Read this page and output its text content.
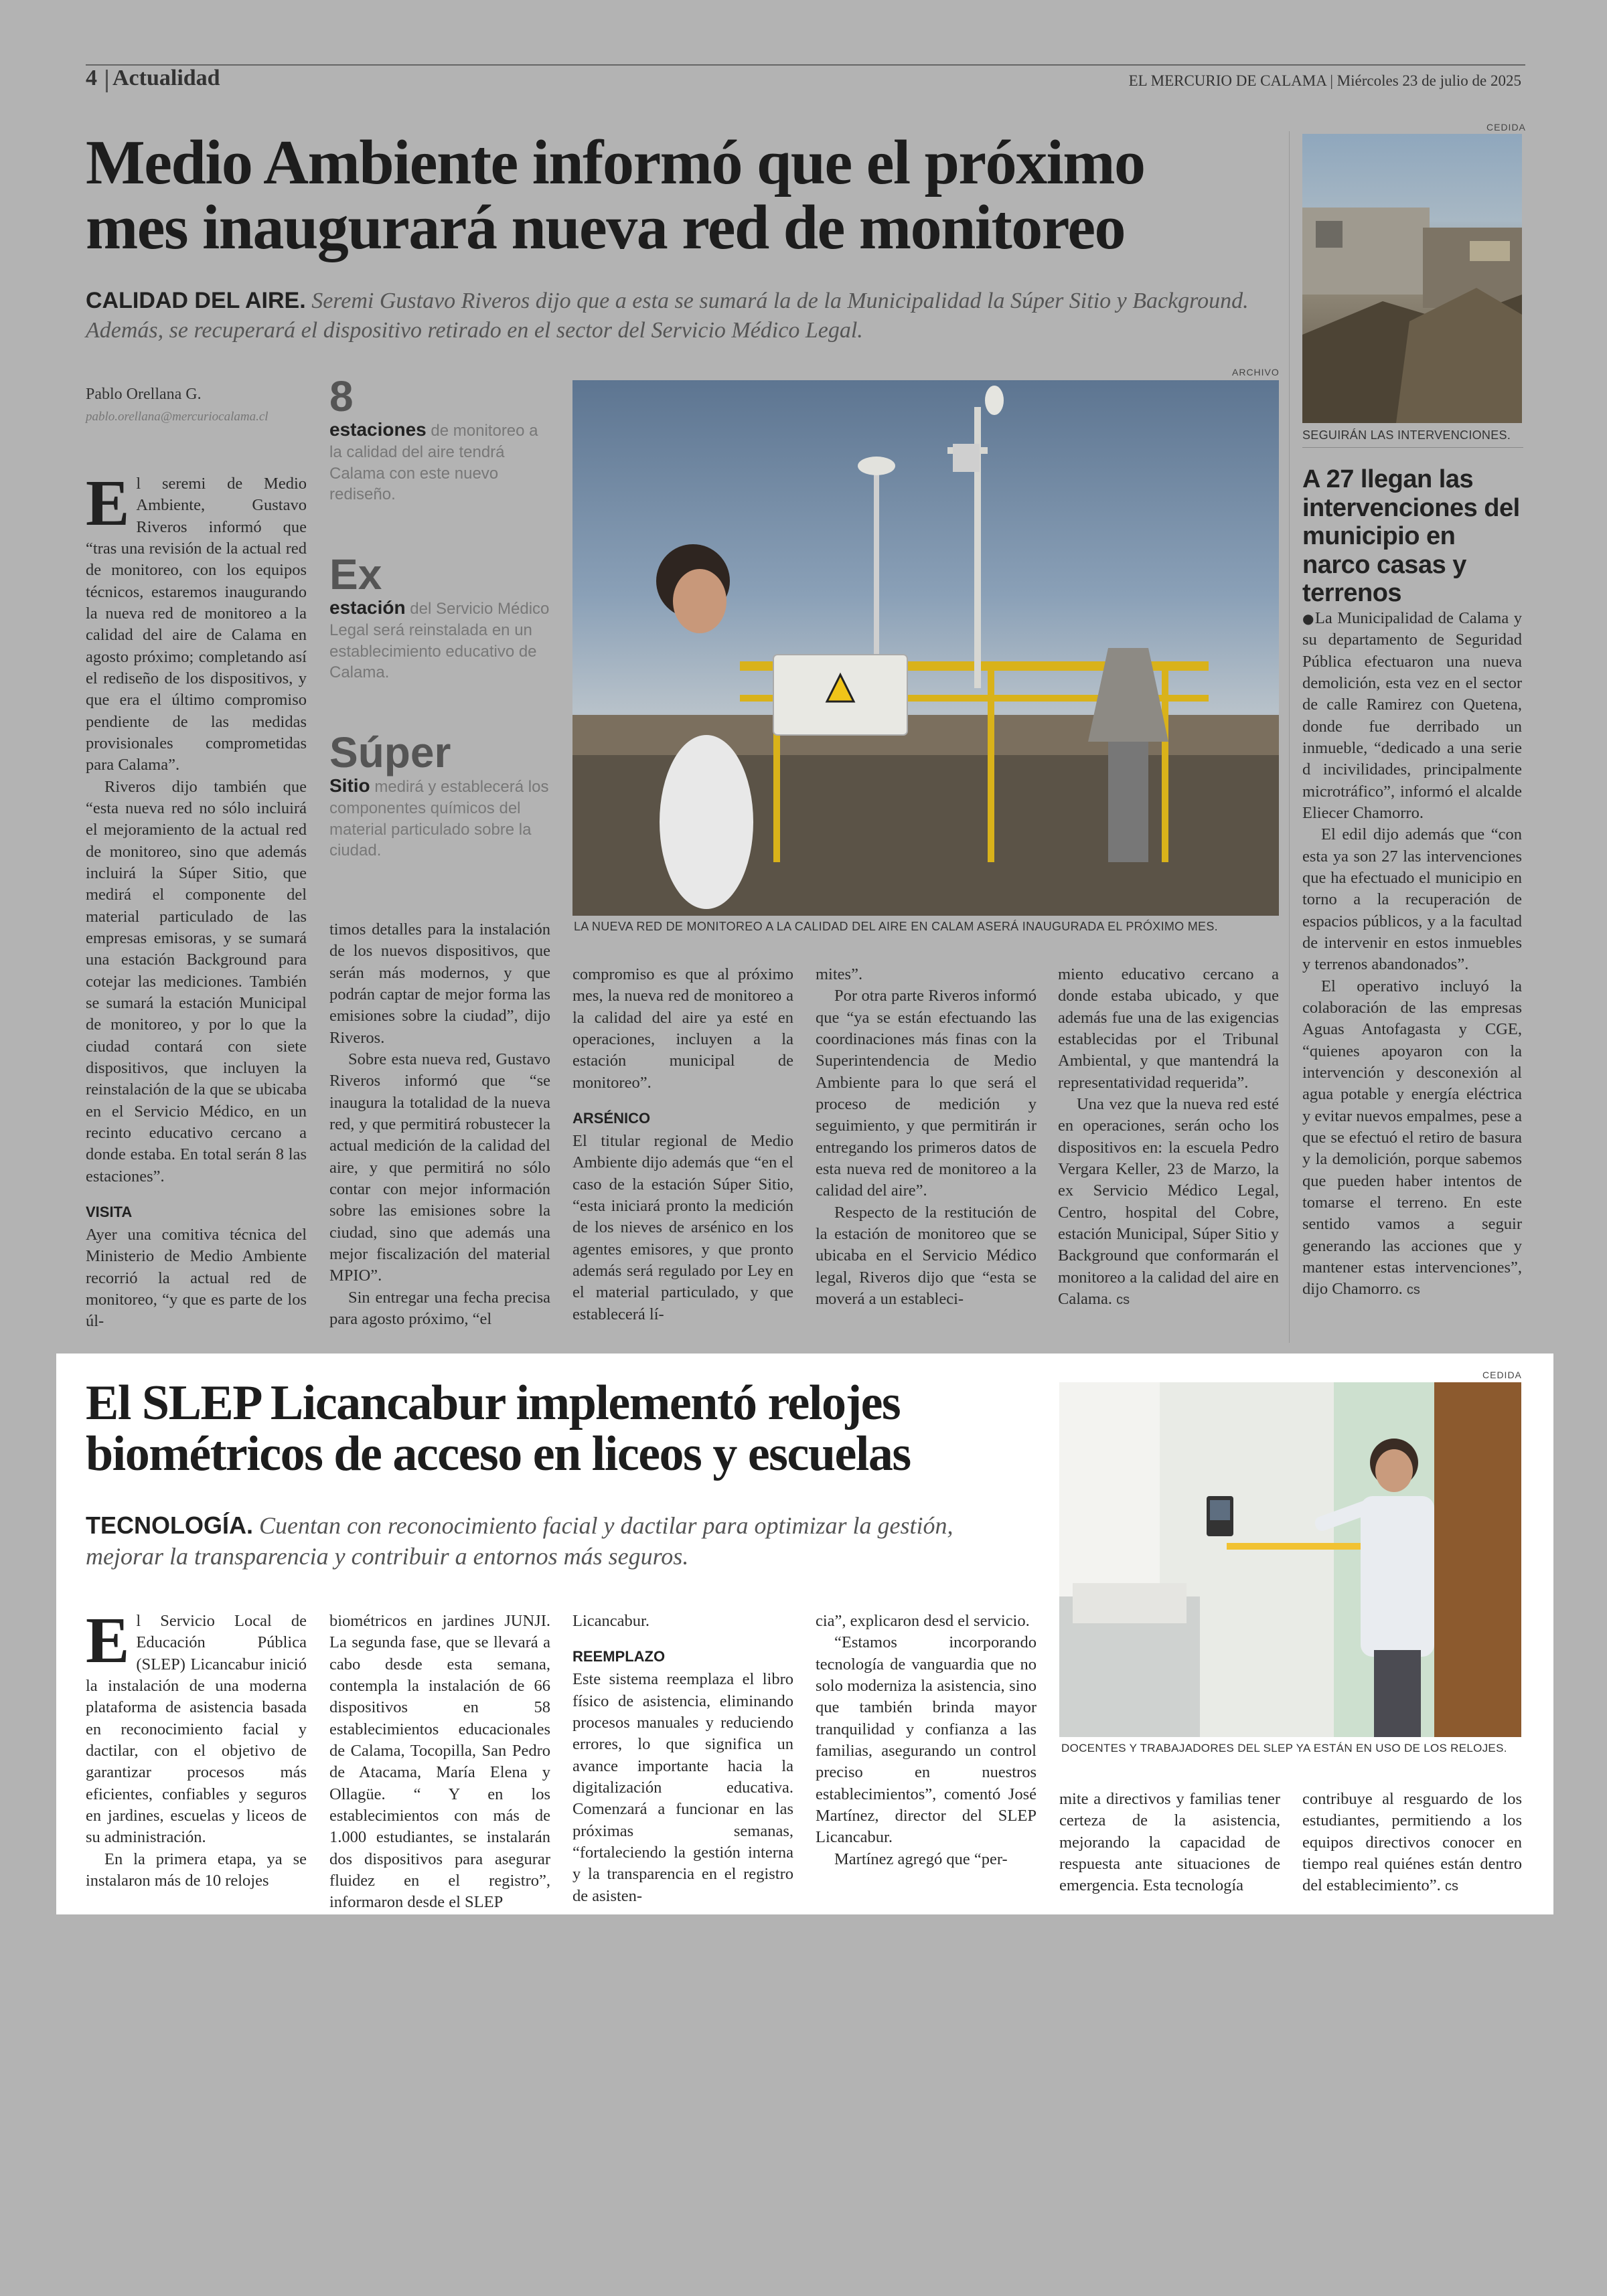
4 Actualidad	EL MERCURIO DE CALAMA | Miércoles 23 de julio de 2025
Medio Ambiente informó que el próximo
mes inaugurará nueva red de monitoreo
CALIDAD DEL AIRE. Seremi Gustavo Riveros dijo que a esta se sumará la de la Municipalidad la Súper Sitio y Background. Además, se recuperará el dispositivo retirado en el sector del Servicio Médico Legal.
Pablo Orellana G.
pablo.orellana@mercuriocalama.cl 8
estaciones de monitoreo a la calidad del aire tendrá Calama con este nuevo rediseño.
Ex
estación del Servicio Médico Legal será reinstalada en un establecimiento educativo de Calama.
Súper
Sitio medirá y establecerá los componentes químicos del material particulado sobre la ciudad.
ARCHIVO
LA NUEVA RED DE MONITOREO A LA CALIDAD DEL AIRE EN CALAM ASERÁ INAUGURADA EL PRÓXIMO MES.

El seremi de Medio Ambiente, Gustavo Riveros informó que “tras una revisión de la actual red de monitoreo, con los equipos técnicos, estaremos inaugurando la nueva red de monitoreo a la calidad del aire de Calama en agosto próximo; completando así el rediseño de los dispositivos, y que era el último compromiso pendiente de las medidas provisionales comprometidas para Calama”.

Riveros dijo también que “esta nueva red no sólo incluirá el mejoramiento de la actual red de monitoreo, sino que además incluirá la Súper Sitio, que medirá el componente del material particulado de las empresas emisoras, y se sumará una estación Background para cotejar las mediciones. También se sumará la estación Municipal de monitoreo, y por lo que la ciudad contará con siete dispositivos, que incluyen la reinstalación de la que se ubicaba en el Servicio Médico, en un recinto educativo cercano a donde estaba. En total serán 8 las estaciones”.

VISITA

Ayer una comitiva técnica del Ministerio de Medio Ambiente recorrió la actual red de monitoreo, “y que es parte de los úl-

timos detalles para la instalación de los nuevos dispositivos, que serán más modernos, y que podrán captar de mejor forma las emisiones sobre la ciudad”, dijo Riveros.

Sobre esta nueva red, Gustavo Riveros informó que “se inaugura la totalidad de la nueva red, y que permitirá robustecer la actual medición de la calidad del aire, y que permitirá no sólo contar con mejor información sobre las emisiones sobre la ciudad, sino que además una mejor fiscalización del material MPIO”.

Sin entregar una fecha precisa para agosto próximo, “el

compromiso es que al próximo mes, la nueva red de monitoreo a la calidad del aire ya esté en operaciones, incluyen a la estación municipal de monitoreo”.

ARSÉNICO

El titular regional de Medio Ambiente dijo además que “en el caso de la estación Súper Sitio, “esta iniciará pronto la medición de los nieves de arsénico en los agentes emisores, y que pronto además será regulado por Ley en el material particulado, y que establecerá lí-

mites”.

Por otra parte Riveros informó que “ya se están efectuando las coordinaciones más finas con la Superintendencia de Medio Ambiente para lo que será el proceso de medición y seguimiento, y que permitirán ir entregando los primeros datos de esta nueva red de monitoreo a la calidad del aire”.

Respecto de la restitución de la estación de monitoreo que se ubicaba en el Servicio Médico legal, Riveros dijo que “esta se moverá a un estableci-

miento educativo cercano a donde estaba ubicado, y que además fue una de las exigencias establecidas por el Tribunal Ambiental, y que mantendrá la representatividad requerida”.

Una vez que la nueva red esté en operaciones, serán ocho los dispositivos en: la escuela Pedro Vergara Keller, 23 de Marzo, la ex Servicio Médico Legal, Centro, hospital del Cobre, estación Municipal, Súper Sitio y Background que conformarán el monitoreo a la calidad del aire en Calama. cs

CEDIDA
SEGUIRÁN LAS INTERVENCIONES.
A 27 llegan las intervenciones del municipio en narco casas y terrenos

●La Municipalidad de Calama y su departamento de Seguridad Pública efectuaron una nueva demolición, esta vez en el sector de calle Ramirez con Quetena, donde fue derribado un inmueble, “dedicado a una serie d incivilidades, principalmente microtráfico”, informó el alcalde Eliecer Chamorro.

El edil dijo además que “con esta ya son 27 las intervenciones que ha efectuado el municipio en torno a la recuperación de espacios públicos, y a la facultad de intervenir en estos inmuebles y terrenos abandonados”.

El operativo incluyó la colaboración de las empresas Aguas Antofagasta y CGE, “quienes apoyaron con la intervención y desconexión al agua potable y energía eléctrica y evitar nuevos empalmes, pese a que se efectuó el retiro de basura y la demolición, porque sabemos que pueden haber intentos de tomarse el terreno. En este sentido vamos a seguir generando las acciones que y mantener estas intervenciones”, dijo Chamorro. cs

El SLEP Licancabur implementó relojes
biométricos de acceso en liceos y escuelas
TECNOLOGÍA. Cuentan con reconocimiento facial y dactilar para optimizar la gestión, mejorar la transparencia y contribuir a entornos más seguros.
CEDIDA
DOCENTES Y TRABAJADORES DEL SLEP YA ESTÁN EN USO DE LOS RELOJES.

El Servicio Local de Educación Pública (SLEP) Licancabur inició la instalación de una moderna plataforma de asistencia basada en reconocimiento facial y dactilar, con el objetivo de garantizar procesos más eficientes, confiables y seguros en jardines, escuelas y liceos de su administración.

En la primera etapa, ya se instalaron más de 10 relojes

biométricos en jardines JUNJI. La segunda fase, que se llevará a cabo desde esta semana, contempla la instalación de 66 dispositivos en 58 establecimientos educacionales de Calama, Tocopilla, San Pedro de Atacama, María Elena y Ollagüe. “ Y en los establecimientos con más de 1.000 estudiantes, se instalarán dos dispositivos para asegurar fluidez en el registro”, informaron desde el SLEP

Licancabur.

REEMPLAZO

Este sistema reemplaza el libro físico de asistencia, eliminando procesos manuales y reduciendo errores, lo que significa un avance importante hacia la digitalización educativa. Comenzará a funcionar en las próximas semanas, “fortaleciendo la gestión interna y la transparencia en el registro de asisten-

cia”, explicaron desd el servicio.

“Estamos incorporando tecnología de vanguardia que no solo moderniza la asistencia, sino que también brinda mayor tranquilidad y confianza a las familias, asegurando un control preciso en nuestros establecimientos”, comentó José Martínez, director del SLEP Licancabur.

Martínez agregó que “per-

mite a directivos y familias tener certeza de la asistencia, mejorando la capacidad de respuesta ante situaciones de emergencia. Esta tecnología

contribuye al resguardo de los estudiantes, permitiendo a los equipos directivos conocer en tiempo real quiénes están dentro del establecimiento”. cs
